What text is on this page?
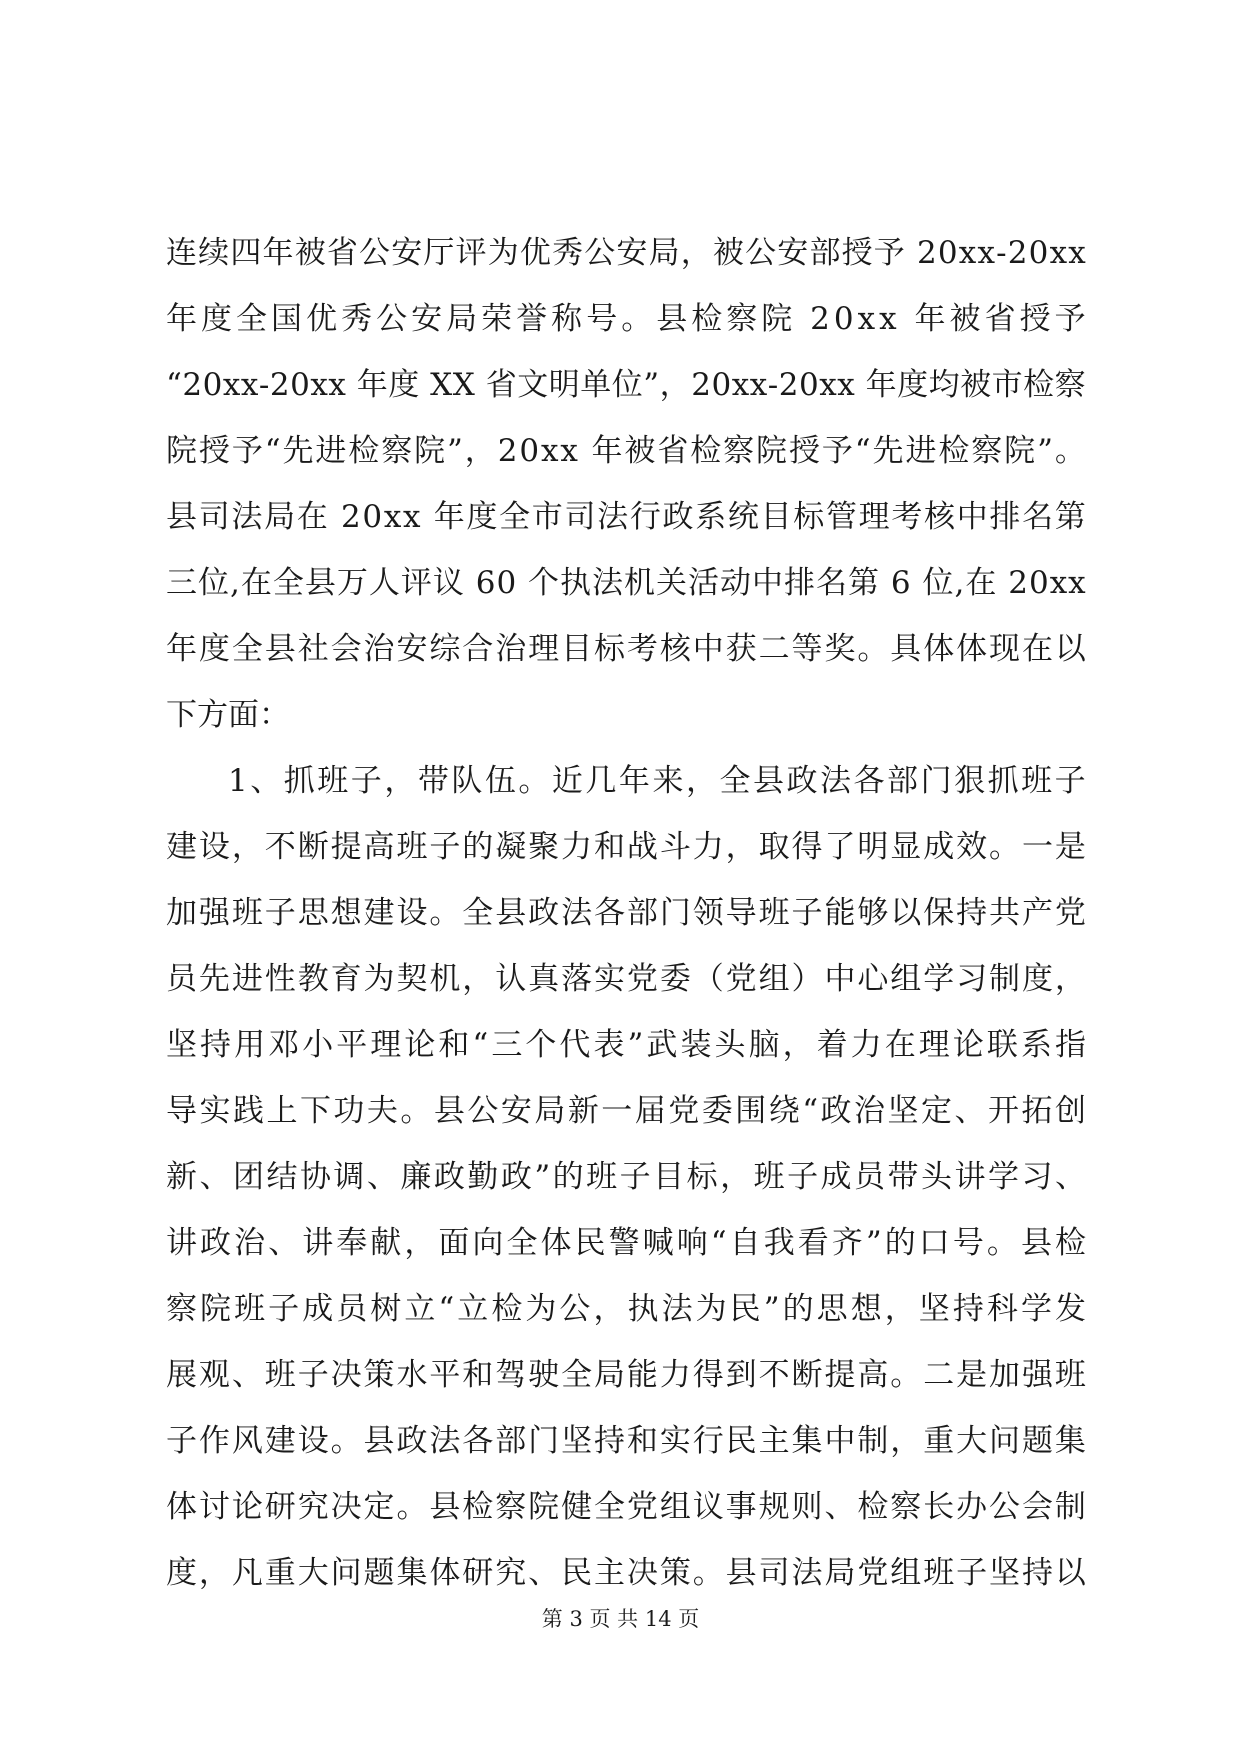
连 续 四 年 被 省 公 安 厅 评 为 优 秀 公 安 局 ， 被 公 安 部 授 予
2 0 x x - 2 0 x x
年 度 全 国 优 秀 公 安 局 荣 誉 称 号 。 县 检 察 院
2 0 x x
年 被 省 授 予
“ 2 0 x x - 2 0 x x
年 度
X X
省 文 明 单 位 ” ， 2 0 x x - 2 0 x x
年 度 均 被 市 检 察
院 授 予 “ 先 进 检 察 院 ” ， 2 0 x x
年 被 省 检 察 院 授 予 “ 先 进 检 察 院 ” 。
县 司 法 局 在
2 0 x x
年 度 全 市 司 法 行 政 系 统 目 标 管 理 考 核 中 排 名 第
三 位 , 在 全 县 万 人 评 议
6 0
个 执 法 机 关 活 动 中 排 名 第
6
位 , 在
2 0 x x
年 度 全 县 社 会 治 安 综 合 治 理 目 标 考 核 中 获 二 等 奖 。 具 体 体 现 在 以
下方面：
1 、 抓 班 子 ， 带 队 伍 。 近 几 年 来 ， 全 县 政 法 各 部 门 狠 抓 班 子
建 设 ， 不 断 提 高 班 子 的 凝 聚 力 和 战 斗 力 ， 取 得 了 明 显 成 效 。 一 是
加 强 班 子 思 想 建 设 。 全 县 政 法 各 部 门 领 导 班 子 能 够 以 保 持 共 产 党
员 先 进 性 教 育 为 契 机 ， 认 真 落 实 党 委 （ 党 组 ） 中 心 组 学 习 制 度 ，
坚 持 用 邓 小 平 理 论 和 “ 三 个 代 表 ” 武 装 头 脑 ， 着 力 在 理 论 联 系 指
导 实 践 上 下 功 夫 。 县 公 安 局 新 一 届 党 委 围 绕 “ 政 治 坚 定 、 开 拓 创
新 、 团 结 协 调 、 廉 政 勤 政 ” 的 班 子 目 标 ， 班 子 成 员 带 头 讲 学 习 、
讲 政 治 、 讲 奉 献 ， 面 向 全 体 民 警 喊 响 “ 自 我 看 齐 ” 的 口 号 。 县 检
察 院 班 子 成 员 树 立 “ 立 检 为 公 ， 执 法 为 民 ” 的 思 想 ， 坚 持 科 学 发
展 观 、 班 子 决 策 水 平 和 驾 驶 全 局 能 力 得 到 不 断 提 高 。 二 是 加 强 班
子 作 风 建 设 。 县 政 法 各 部 门 坚 持 和 实 行 民 主 集 中 制 ， 重 大 问 题 集
体 讨 论 研 究 决 定 。 县 检 察 院 健 全 党 组 议 事 规 则 、 检 察 长 办 公 会 制
度 ， 凡 重 大 问 题 集 体 研 究 、 民 主 决 策 。 县 司 法 局 党 组 班 子 坚 持 以
第 3 页 共 14 页
